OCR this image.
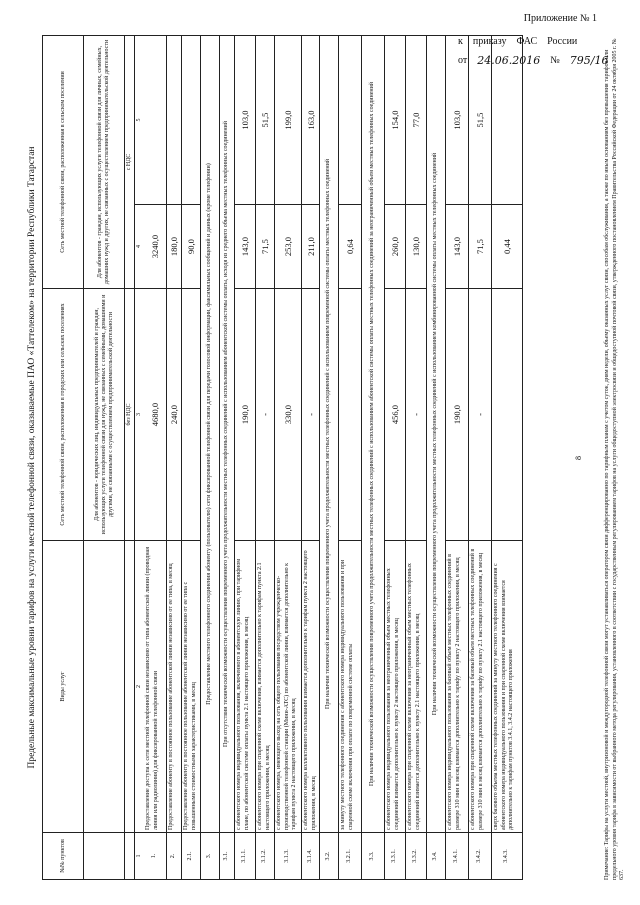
Приложение № 1
к приказу ФАС России
от 24.06.2016 № 795/16
Предельные максимальные уровни тарифов на услуги местной телефонной связи, оказываемые ПАО «Таттелеком» на территории Республики Татарстан
№№ пунктов
Виды услуг
Сеть местной телефонной связи, расположенная в городских или сельских поселениях
Сеть местной телефонной связи, расположенная в сельском поселении
Для абонентов - юридических лиц, индивидуальных предпринимателей и граждан, использующих услуги телефонной связи для нужд, не связанных с семейными, домашними и другими, не связанными с осуществлением предпринимательской деятельности
Для абонентов - граждан, использующих услуги телефонной связи для личных, семейных, домашних нужд и других, не связанных с осуществлением предпринимательской деятельности
без НДС
с НДС
1
2
3
4
5
1.
Предоставление доступа к сети местной телефонной связи независимо от типа абонентской линии (проводная линия или радиолиния) для фиксированной телефонной связи
4680,0
3240,0
2.
Предоставление абоненту в постоянное пользование абонентской линии независимо от ее типа, в месяц
240,0
180,0
2.1.
Предоставление абоненту в постоянное пользование абонентской линии независимо от ее типа с повышенными стоимостными характеристиками, в месяц
90,0
3.
Предоставление местного телефонного соединения абоненту (пользователю) сети фиксированной телефонной связи для передачи голосовой информации, факсимильных сообщений и данных (кроме телефонии)
3.1.
При отсутствии технической возможности осуществления повременного учета продолжительности местных телефонных соединений с использованием абонентской системы оплаты, исходя из среднего объема местных телефонных соединений
3.1.1.
с абонентского номера индивидуального пользования, включенного в абонентскую линию, при тарифном плане, по абонентской системе оплаты пункта 2.1 настоящего приложения, в месяц
190,0
143,0
103,0
3.1.2.
с абонентского номера при спаренной схеме включения, взимается дополнительно к тарифам пункта 2.1 настоящего приложения, в месяц
-
71,5
51,5
3.1.3.
с абонентского номера, имеющего выход на сеть общего пользования посредством учрежденческо-производственной телефонной станции (Мини-АТС) по абонентской линии, взимается дополнительно к тарифам пункта 2 настоящего приложения, в месяц
330,0
253,0
199,0
3.1.4.
с абонентского номера коллективного пользования взимается дополнительно к тарифам пункта 2 настоящего приложения, в месяц
-
211,0
163,0
3.2.
При наличии технической возможности осуществления повременного учета продолжительности местных телефонных соединений с использованием повременной системы оплаты местных телефонных соединений
3.2.1.
за минуту местного телефонного соединения с абонентского номера индивидуального пользования и при спаренной схеме включения при оплате по повременной системе оплаты
0,64
3.3.
При наличии технической возможности осуществления повременного учета продолжительности местных телефонных соединений с использованием абонентской системы оплаты местных телефонных соединений за неограниченный объем местных телефонных соединений
3.3.1.
с абонентского номера индивидуального пользования за неограниченный объем местных телефонных соединений взимается дополнительно к пункту 2 настоящего приложения, в месяц
456,0
260,0
154,0
3.3.2.
с абонентского номера при спаренной схеме включения за неограниченный объем местных телефонных соединений взимается дополнительно к пункту 2.1 настоящего приложения, в месяц
-
130,0
77,0
3.4.
При наличии технической возможности осуществления повременного учета продолжительности местных телефонных соединений с использованием комбинированной системы оплаты местных телефонных соединений
3.4.1.
с абонентского номера индивидуального пользования за базовый объем местных телефонных соединений в размере 310 мин в месяц взимается дополнительно к тарифу по пункту 2 настоящего приложения, в месяц
190,0
143,0
103,0
3.4.2.
с абонентского номера при спаренной схеме включения за базовый объем местных телефонных соединений в размере 310 мин в месяц взимается дополнительно к тарифу по пункту 2.1 настоящего приложения, в месяц
-
71,5
51,5
3.4.3.
сверх базового объема местных телефонных соединений за минуту местного телефонного соединения с абонентского номера индивидуального пользования и при спаренной схеме включения взимается дополнительно к тарифам пунктов 3.4.1, 3.4.2 настоящего приложения
0,44
8
Примечание: Тарифы на услуги местной, внутризоновой и междугородной телефонной связи могут устанавливаться оператором связи дифференцированно по тарифным планам с учетом суток, дням недели, объему оказанных услуг связи, способам обслуживания, а также по иным основаниям без превышения тарифов или предельного уровня тарифа в зависимости от выбранного метода регулирования, установленного в соответствии с государственным регулированием тарифов на услуги общедоступной электросвязи и общедоступной почтовой связи, утвержденного постановлением Правительства Российской Федерации от 24 октября 2005 г. № 637.
